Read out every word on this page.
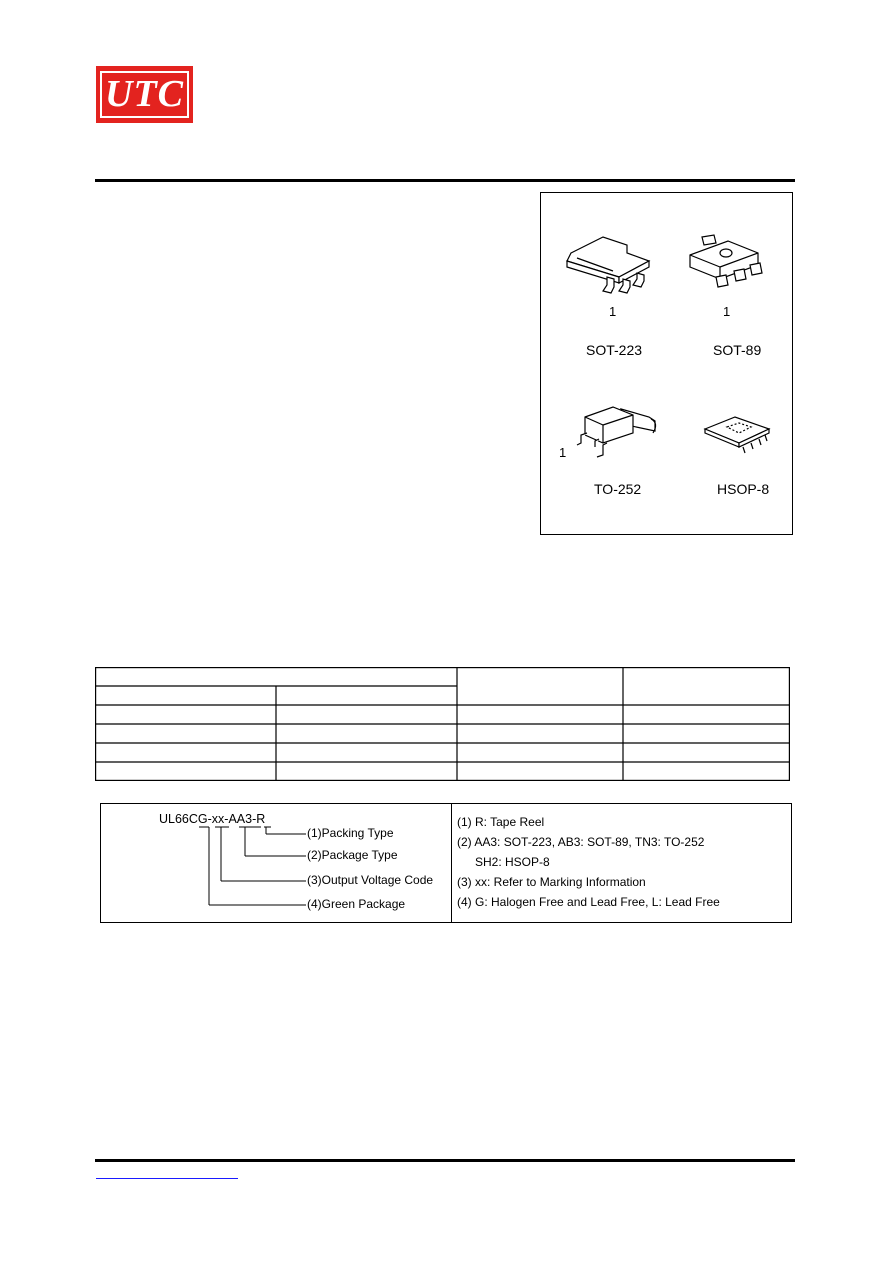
UTC
1
SOT-223
1
SOT-89
1
TO-252	HSOP-8
UL66CG-xx-AA3-R
(1)Packing Type
(2)Package Type
(3)Output Voltage Code
(4)Green Package
(1) R: Tape Reel
(2) AA3: SOT-223, AB3: SOT-89, TN3: TO-252
SH2: HSOP-8
(3) xx: Refer to Marking Information
(4) G: Halogen Free and Lead Free, L: Lead Free
